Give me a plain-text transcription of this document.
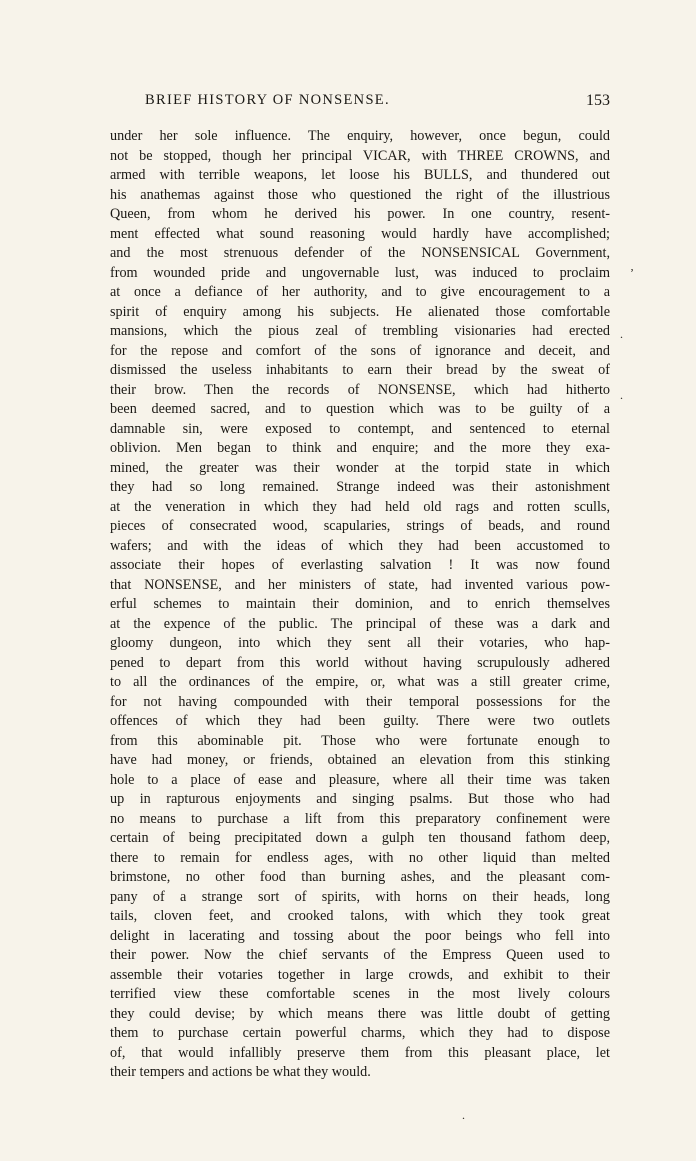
BRIEF HISTORY OF NONSENSE.	153
under her sole influence. The enquiry, however, once begun, could
not be stopped, though her principal VICAR, with THREE CROWNS, and
armed with terrible weapons, let loose his BULLS, and thundered out
his anathemas against those who questioned the right of the illustrious
Queen, from whom he derived his power. In one country, resent-
ment effected what sound reasoning would hardly have accomplished;
and the most strenuous defender of the NONSENSICAL Government,
from wounded pride and ungovernable lust, was induced to proclaim
at once a defiance of her authority, and to give encouragement to a
spirit of enquiry among his subjects. He alienated those comfortable
mansions, which the pious zeal of trembling visionaries had erected
for the repose and comfort of the sons of ignorance and deceit, and
dismissed the useless inhabitants to earn their bread by the sweat of
their brow. Then the records of NONSENSE, which had hitherto
been deemed sacred, and to question which was to be guilty of a
damnable sin, were exposed to contempt, and sentenced to eternal
oblivion. Men began to think and enquire; and the more they exa-
mined, the greater was their wonder at the torpid state in which
they had so long remained. Strange indeed was their astonishment
at the veneration in which they had held old rags and rotten sculls,
pieces of consecrated wood, scapularies, strings of beads, and round
wafers; and with the ideas of which they had been accustomed to
associate their hopes of everlasting salvation ! It was now found
that NONSENSE, and her ministers of state, had invented various pow-
erful schemes to maintain their dominion, and to enrich themselves
at the expence of the public. The principal of these was a dark and
gloomy dungeon, into which they sent all their votaries, who hap-
pened to depart from this world without having scrupulously adhered
to all the ordinances of the empire, or, what was a still greater crime,
for not having compounded with their temporal possessions for the
offences of which they had been guilty. There were two outlets
from this abominable pit. Those who were fortunate enough to
have had money, or friends, obtained an elevation from this stinking
hole to a place of ease and pleasure, where all their time was taken
up in rapturous enjoyments and singing psalms. But those who had
no means to purchase a lift from this preparatory confinement were
certain of being precipitated down a gulph ten thousand fathom deep,
there to remain for endless ages, with no other liquid than melted
brimstone, no other food than burning ashes, and the pleasant com-
pany of a strange sort of spirits, with horns on their heads, long
tails, cloven feet, and crooked talons, with which they took great
delight in lacerating and tossing about the poor beings who fell into
their power. Now the chief servants of the Empress Queen used to
assemble their votaries together in large crowds, and exhibit to their
terrified view these comfortable scenes in the most lively colours
they could devise; by which means there was little doubt of getting
them to purchase certain powerful charms, which they had to dispose
of, that would infallibly preserve them from this pleasant place, let
their tempers and actions be what they would.
ʼ
.
.
.
